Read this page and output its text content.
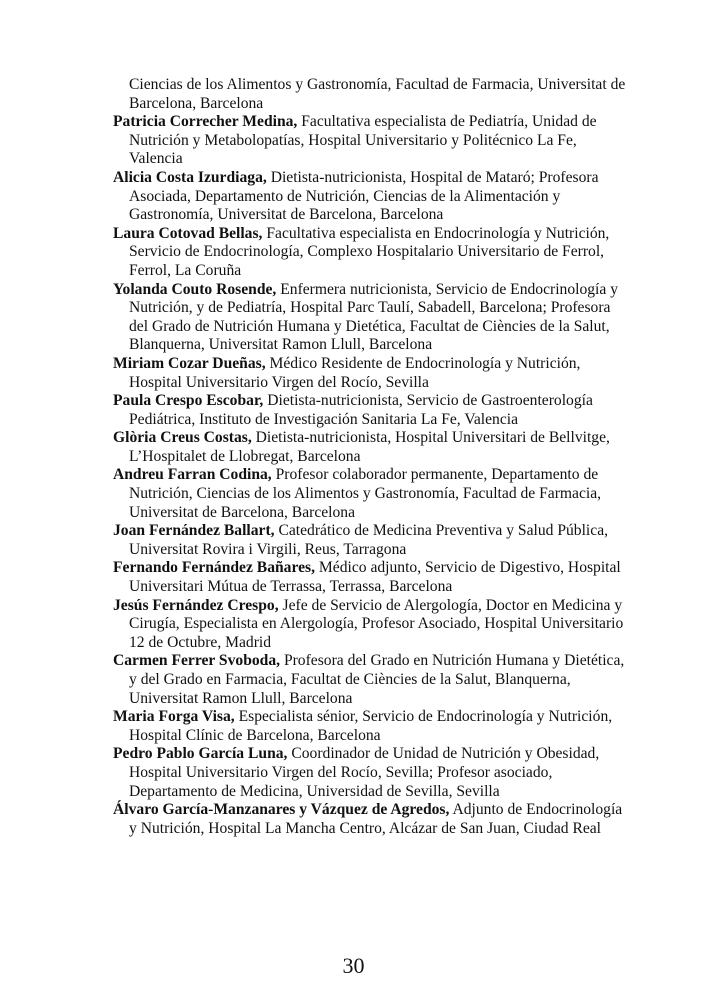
Ciencias de los Alimentos y Gastronomía, Facultad de Farmacia, Universitat de Barcelona, Barcelona

Patricia Correcher Medina, Facultativa especialista de Pediatría, Unidad de Nutrición y Metabolopatías, Hospital Universitario y Politécnico La Fe, Valencia

Alicia Costa Izurdiaga, Dietista-nutricionista, Hospital de Mataró; Profesora Asociada, Departamento de Nutrición, Ciencias de la Alimentación y Gastronomía, Universitat de Barcelona, Barcelona

Laura Cotovad Bellas, Facultativa especialista en Endocrinología y Nutrición, Servicio de Endocrinología, Complexo Hospitalario Universitario de Ferrol, Ferrol, La Coruña

Yolanda Couto Rosende, Enfermera nutricionista, Servicio de Endocrinología y Nutrición, y de Pediatría, Hospital Parc Taulí, Sabadell, Barcelona; Profesora del Grado de Nutrición Humana y Dietética, Facultat de Ciències de la Salut, Blanquerna, Universitat Ramon Llull, Barcelona

Miriam Cozar Dueñas, Médico Residente de Endocrinología y Nutrición, Hospital Universitario Virgen del Rocío, Sevilla

Paula Crespo Escobar, Dietista-nutricionista, Servicio de Gastroenterología Pediátrica, Instituto de Investigación Sanitaria La Fe, Valencia

Glòria Creus Costas, Dietista-nutricionista, Hospital Universitari de Bellvitge, L’Hospitalet de Llobregat, Barcelona

Andreu Farran Codina, Profesor colaborador permanente, Departamento de Nutrición, Ciencias de los Alimentos y Gastronomía, Facultad de Farmacia, Universitat de Barcelona, Barcelona

Joan Fernández Ballart, Catedrático de Medicina Preventiva y Salud Pública, Universitat Rovira i Virgili, Reus, Tarragona

Fernando Fernández Bañares, Médico adjunto, Servicio de Digestivo, Hospital Universitari Mútua de Terrassa, Terrassa, Barcelona

Jesús Fernández Crespo, Jefe de Servicio de Alergología, Doctor en Medicina y Cirugía, Especialista en Alergología, Profesor Asociado, Hospital Universitario 12 de Octubre, Madrid

Carmen Ferrer Svoboda, Profesora del Grado en Nutrición Humana y Dietética, y del Grado en Farmacia, Facultat de Ciències de la Salut, Blanquerna, Universitat Ramon Llull, Barcelona

Maria Forga Visa, Especialista sénior, Servicio de Endocrinología y Nutrición, Hospital Clínic de Barcelona, Barcelona

Pedro Pablo García Luna, Coordinador de Unidad de Nutrición y Obesidad, Hospital Universitario Virgen del Rocío, Sevilla; Profesor asociado, Departamento de Medicina, Universidad de Sevilla, Sevilla

Álvaro García-Manzanares y Vázquez de Agredos, Adjunto de Endocrinología y Nutrición, Hospital La Mancha Centro, Alcázar de San Juan, Ciudad Real

30
